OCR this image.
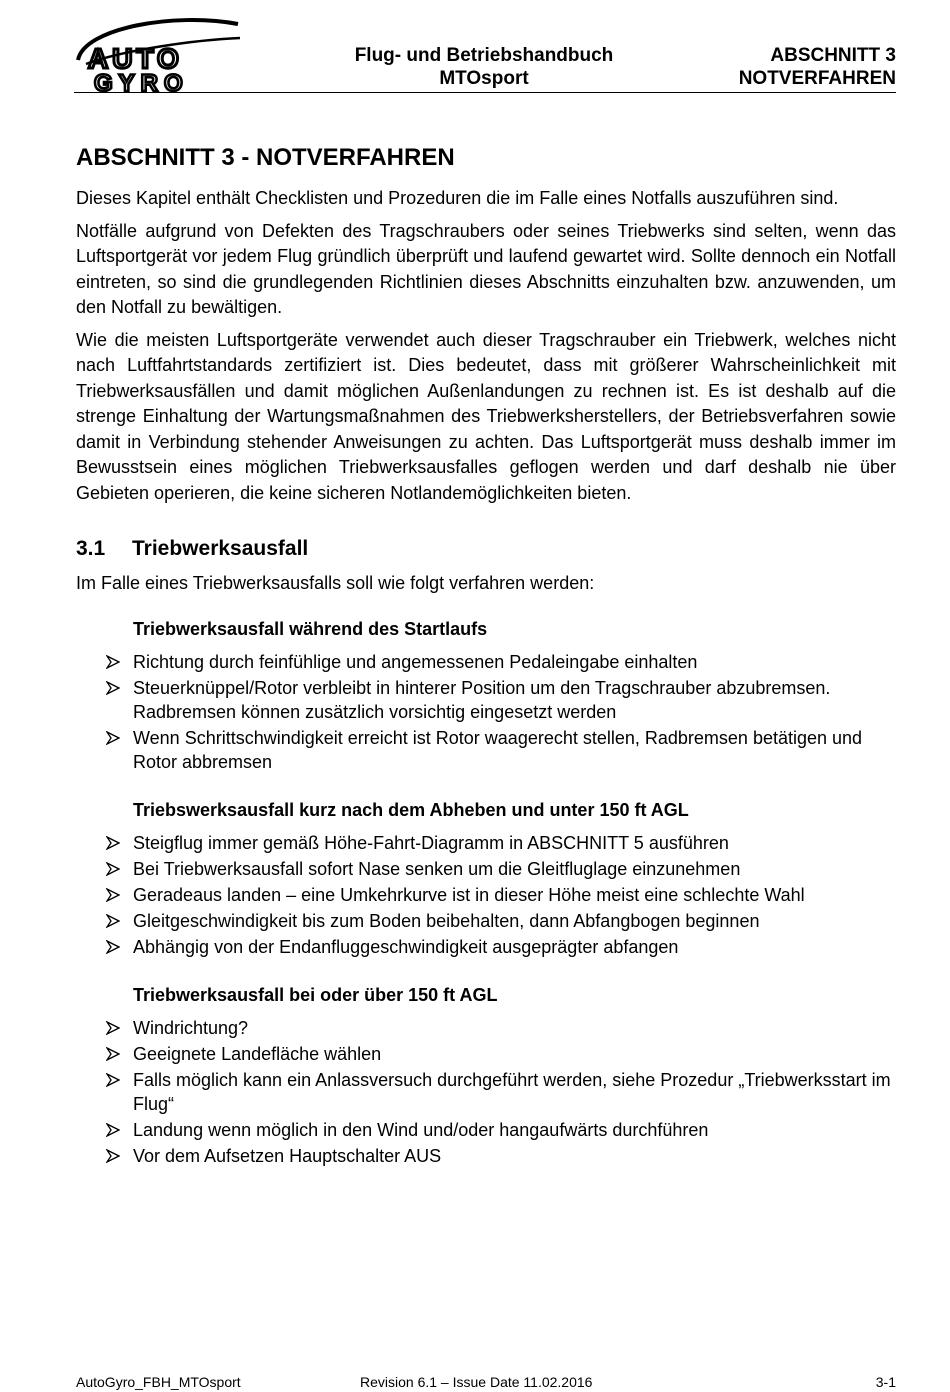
AUTO
GYRO
Flug- und Betriebshandbuch
MTOsport
ABSCHNITT 3
NOTVERFAHREN
ABSCHNITT 3 - NOTVERFAHREN

Dieses Kapitel enthält Checklisten und Prozeduren die im Falle eines Notfalls auszuführen sind.

Notfälle aufgrund von Defekten des Tragschraubers oder seines Triebwerks sind selten, wenn das Luftsportgerät vor jedem Flug gründlich überprüft und laufend gewartet wird. Sollte dennoch ein Notfall eintreten, so sind die grundlegenden Richtlinien dieses Abschnitts einzuhalten bzw. anzuwenden, um den Notfall zu bewältigen.

Wie die meisten Luftsportgeräte verwendet auch dieser Tragschrauber ein Triebwerk, welches nicht nach Luftfahrtstandards zertifiziert ist. Dies bedeutet, dass mit größerer Wahrscheinlichkeit mit Triebwerksausfällen und damit möglichen Außenlandungen zu rechnen ist. Es ist deshalb auf die strenge Einhaltung der Wartungsmaßnahmen des Triebwerksherstellers, der Betriebsverfahren sowie damit in Verbindung stehender Anweisungen zu achten. Das Luftsportgerät muss deshalb immer im Bewusstsein eines möglichen Triebwerksausfalles geflogen werden und darf deshalb nie über Gebieten operieren, die keine sicheren Notlandemöglichkeiten bieten.

3.1 Triebwerksausfall

Im Falle eines Triebwerksausfalls soll wie folgt verfahren werden:

Triebwerksausfall während des Startlaufs
Richtung durch feinfühlige und angemessenen Pedaleingabe einhalten
Steuerknüppel/Rotor verbleibt in hinterer Position um den Tragschrauber abzubremsen. Radbremsen können zusätzlich vorsichtig eingesetzt werden
Wenn Schrittschwindigkeit erreicht ist Rotor waagerecht stellen, Radbremsen betätigen und Rotor abbremsen
Triebswerksausfall kurz nach dem Abheben und unter 150 ft AGL
Steigflug immer gemäß Höhe-Fahrt-Diagramm in ABSCHNITT 5 ausführen
Bei Triebwerksausfall sofort Nase senken um die Gleitfluglage einzunehmen
Geradeaus landen – eine Umkehrkurve ist in dieser Höhe meist eine schlechte Wahl
Gleitgeschwindigkeit bis zum Boden beibehalten, dann Abfangbogen beginnen
Abhängig von der Endanfluggeschwindigkeit ausgeprägter abfangen
Triebwerksausfall bei oder über 150 ft AGL
Windrichtung?
Geeignete Landefläche wählen
Falls möglich kann ein Anlassversuch durchgeführt werden, siehe Prozedur „Triebwerksstart im Flug“
Landung wenn möglich in den Wind und/oder hangaufwärts durchführen
Vor dem Aufsetzen Hauptschalter AUS
AutoGyro_FBH_MTOsport	Revision 6.1 – Issue Date 11.02.2016	3-1
